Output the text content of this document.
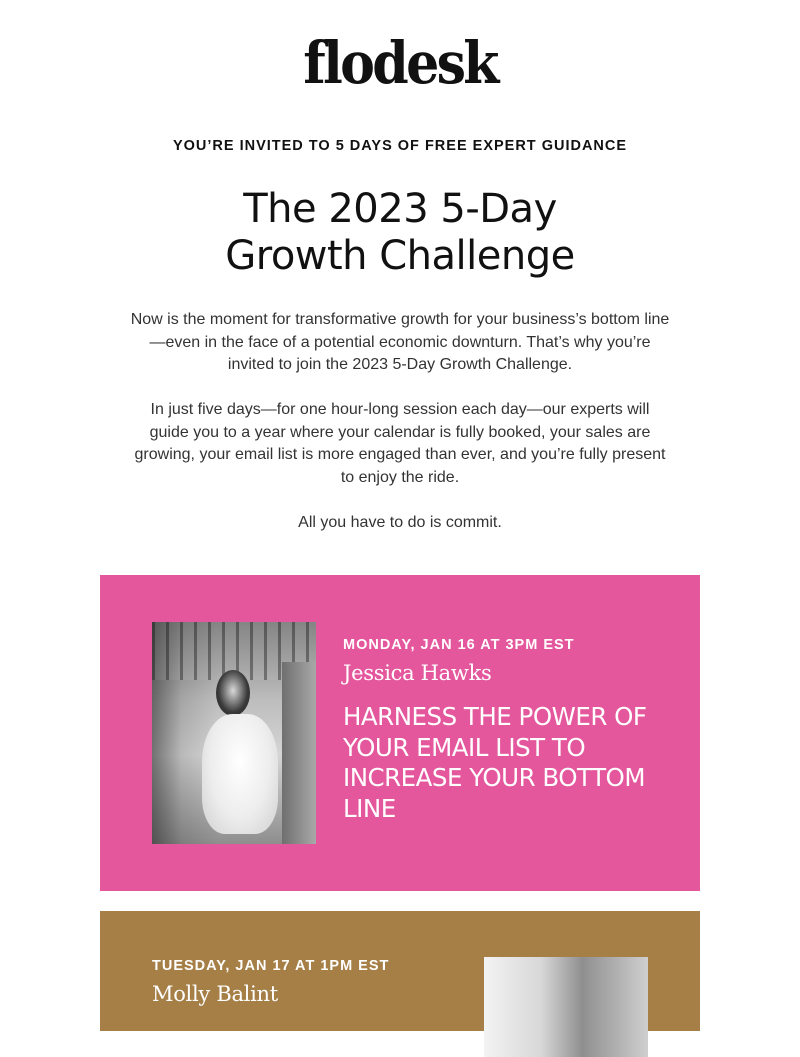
flodesk
YOU’RE INVITED TO 5 DAYS OF FREE EXPERT GUIDANCE
The 2023 5-Day
Growth Challenge

Now is the moment for transformative growth for your business’s bottom line—even in the face of a potential economic downturn. That’s why you’re invited to join the 2023 5-Day Growth Challenge.

In just five days—for one hour-long session each day—our experts will guide you to a year where your calendar is fully booked, your sales are growing, your email list is more engaged than ever, and you’re fully present to enjoy the ride.

All you have to do is commit.

MONDAY, JAN 16 AT 3PM EST
Jessica Hawks
HARNESS THE POWER OF YOUR EMAIL LIST TO INCREASE YOUR BOTTOM LINE
TUESDAY, JAN 17 AT 1PM EST
Molly Balint
